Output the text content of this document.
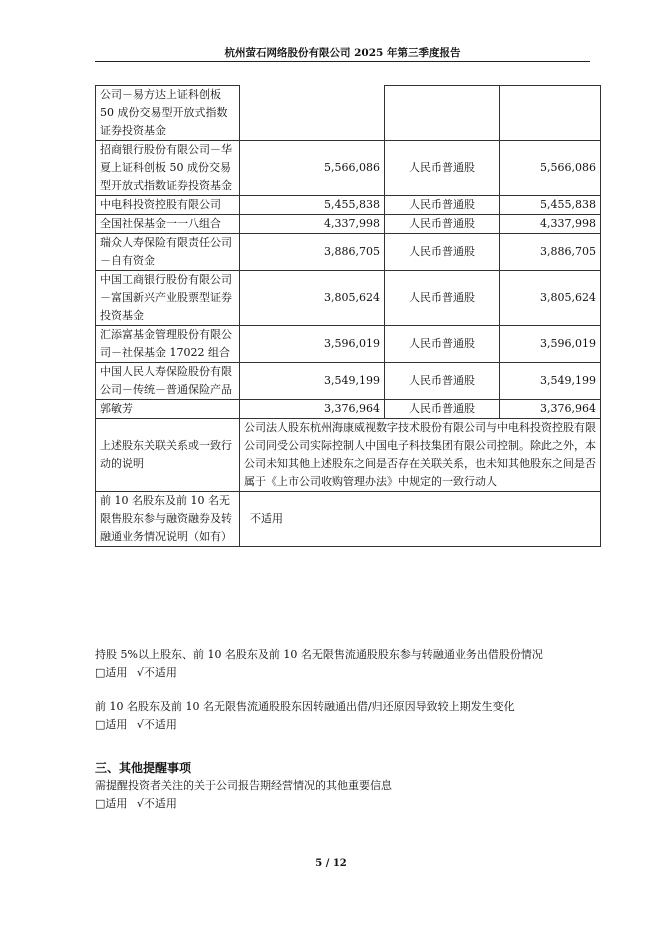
杭州萤石网络股份有限公司 2025 年第三季度报告
公司－易方达上证科创板 50 成份交易型开放式指数证券投资基金			
招商银行股份有限公司－华夏上证科创板 50 成份交易型开放式指数证券投资基金	5,566,086	人民币普通股	5,566,086
中电科投资控股有限公司	5,455,838	人民币普通股	5,455,838
全国社保基金一一八组合	4,337,998	人民币普通股	4,337,998
瑞众人寿保险有限责任公司－自有资金	3,886,705	人民币普通股	3,886,705
中国工商银行股份有限公司－富国新兴产业股票型证券投资基金	3,805,624	人民币普通股	3,805,624
汇添富基金管理股份有限公司－社保基金 17022 组合	3,596,019	人民币普通股	3,596,019
中国人民人寿保险股份有限公司－传统－普通保险产品	3,549,199	人民币普通股	3,549,199
郭敏芳	3,376,964	人民币普通股	3,376,964
上述股东关联关系或一致行动的说明	公司法人股东杭州海康威视数字技术股份有限公司与中电科投资控股有限公司同受公司实际控制人中国电子科技集团有限公司控制。除此之外，本公司未知其他上述股东之间是否存在关联关系，也未知其他股东之间是否属于《上市公司收购管理办法》中规定的一致行动人		
前 10 名股东及前 10 名无限售股东参与融资融券及转融通业务情况说明（如有）	不适用		
持股 5%以上股东、前 10 名股东及前 10 名无限售流通股股东参与转融通业务出借股份情况
□适用 √不适用
前 10 名股东及前 10 名无限售流通股股东因转融通出借/归还原因导致较上期发生变化
□适用 √不适用
三、其他提醒事项
需提醒投资者关注的关于公司报告期经营情况的其他重要信息
□适用 √不适用
5 / 12
